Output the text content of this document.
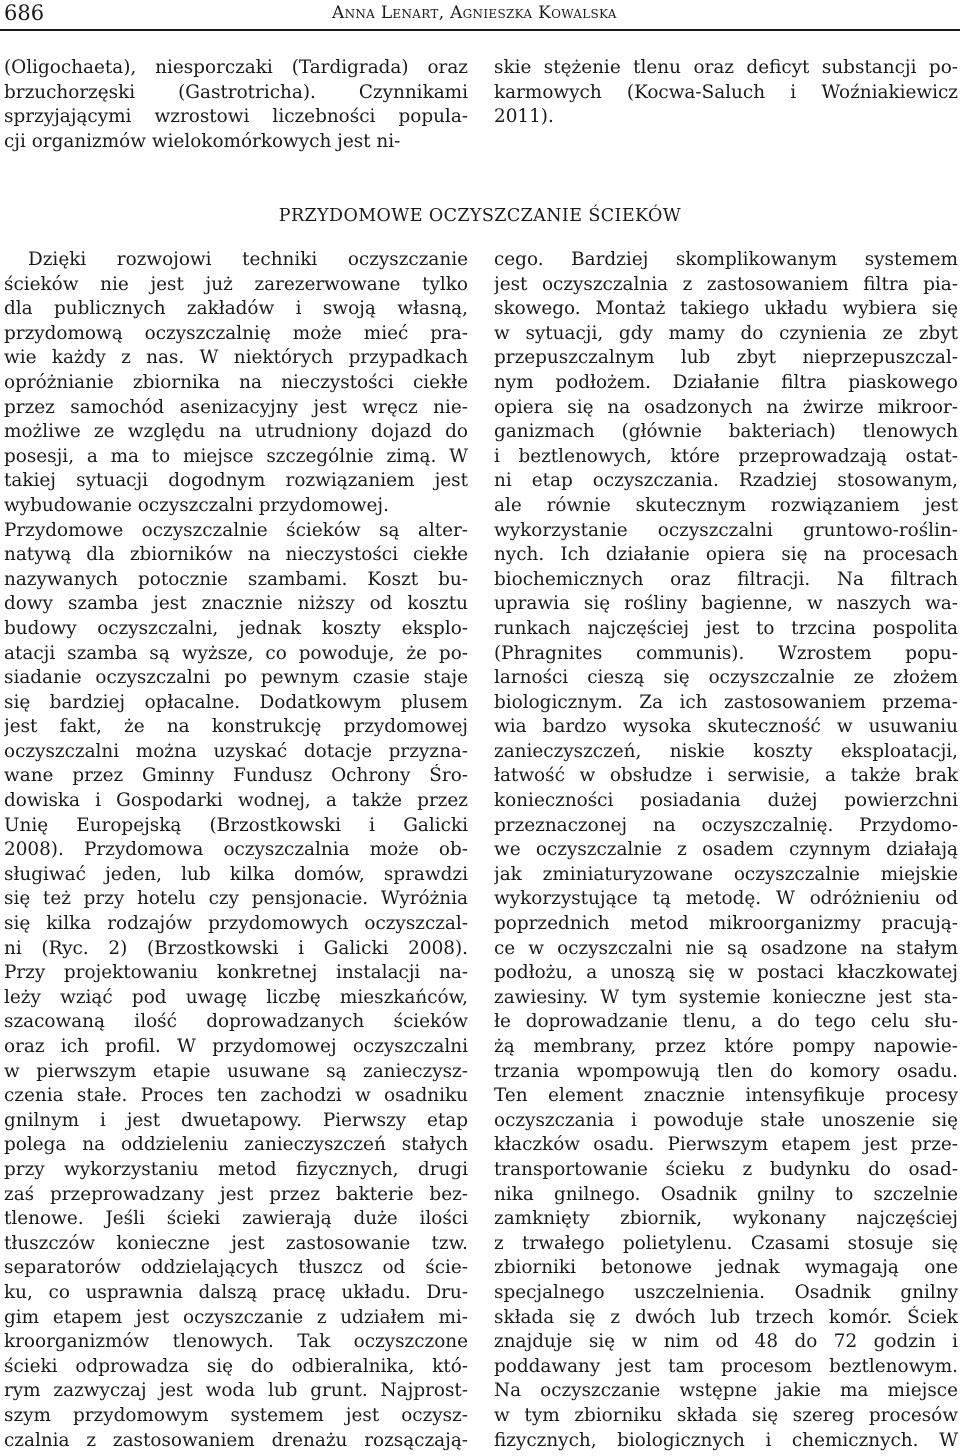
686	Anna Lenart, Agnieszka Kowalska
(Oligochaeta), niesporczaki (Tardigrada) oraz
brzuchorzęski (Gastrotricha). Czynnikami
sprzyjającymi wzrostowi liczebności popula-
cji organizmów wielokomórkowych jest ni-
skie stężenie tlenu oraz deficyt substancji po-
karmowych (Kocwa-Saluch i Woźniakiewicz
2011).
PRZYDOMOWE OCZYSZCZANIE ŚCIEKÓW
Dzięki rozwojowi techniki oczyszczanie
ścieków nie jest już zarezerwowane tylko
dla publicznych zakładów i swoją własną,
przydomową oczyszczalnię może mieć pra-
wie każdy z nas. W niektórych przypadkach
opróżnianie zbiornika na nieczystości ciekłe
przez samochód asenizacyjny jest wręcz nie-
możliwe ze względu na utrudniony dojazd do
posesji, a ma to miejsce szczególnie zimą. W
takiej sytuacji dogodnym rozwiązaniem jest
wybudowanie oczyszczalni przydomowej.
Przydomowe oczyszczalnie ścieków są alter-
natywą dla zbiorników na nieczystości ciekłe
nazywanych potocznie szambami. Koszt bu-
dowy szamba jest znacznie niższy od kosztu
budowy oczyszczalni, jednak koszty eksplo-
atacji szamba są wyższe, co powoduje, że po-
siadanie oczyszczalni po pewnym czasie staje
się bardziej opłacalne. Dodatkowym plusem
jest fakt, że na konstrukcję przydomowej
oczyszczalni można uzyskać dotacje przyzna-
wane przez Gminny Fundusz Ochrony Śro-
dowiska i Gospodarki wodnej, a także przez
Unię Europejską (Brzostkowski i Galicki
2008). Przydomowa oczyszczalnia może ob-
sługiwać jeden, lub kilka domów, sprawdzi
się też przy hotelu czy pensjonacie. Wyróżnia
się kilka rodzajów przydomowych oczyszczal-
ni (Ryc. 2) (Brzostkowski i Galicki 2008).
Przy projektowaniu konkretnej instalacji na-
leży wziąć pod uwagę liczbę mieszkańców,
szacowaną ilość doprowadzanych ścieków
oraz ich profil. W przydomowej oczyszczalni
w pierwszym etapie usuwane są zanieczysz-
czenia stałe. Proces ten zachodzi w osadniku
gnilnym i jest dwuetapowy. Pierwszy etap
polega na oddzieleniu zanieczyszczeń stałych
przy wykorzystaniu metod fizycznych, drugi
zaś przeprowadzany jest przez bakterie bez-
tlenowe. Jeśli ścieki zawierają duże ilości
tłuszczów konieczne jest zastosowanie tzw.
separatorów oddzielających tłuszcz od ście-
ku, co usprawnia dalszą pracę układu. Dru-
gim etapem jest oczyszczanie z udziałem mi-
kroorganizmów tlenowych. Tak oczyszczone
ścieki odprowadza się do odbieralnika, któ-
rym zazwyczaj jest woda lub grunt. Najprost-
szym przydomowym systemem jest oczysz-
czalnia z zastosowaniem drenażu rozsączają-
cego. Bardziej skomplikowanym systemem
jest oczyszczalnia z zastosowaniem filtra pia-
skowego. Montaż takiego układu wybiera się
w sytuacji, gdy mamy do czynienia ze zbyt
przepuszczalnym lub zbyt nieprzepuszczal-
nym podłożem. Działanie filtra piaskowego
opiera się na osadzonych na żwirze mikroor-
ganizmach (głównie bakteriach) tlenowych
i beztlenowych, które przeprowadzają ostat-
ni etap oczyszczania. Rzadziej stosowanym,
ale równie skutecznym rozwiązaniem jest
wykorzystanie oczyszczalni gruntowo-roślin-
nych. Ich działanie opiera się na procesach
biochemicznych oraz filtracji. Na filtrach
uprawia się rośliny bagienne, w naszych wa-
runkach najczęściej jest to trzcina pospolita
(Phragnites communis). Wzrostem popu-
larności cieszą się oczyszczalnie ze złożem
biologicznym. Za ich zastosowaniem przema-
wia bardzo wysoka skuteczność w usuwaniu
zanieczyszczeń, niskie koszty eksploatacji,
łatwość w obsłudze i serwisie, a także brak
konieczności posiadania dużej powierzchni
przeznaczonej na oczyszczalnię. Przydomo-
we oczyszczalnie z osadem czynnym działają
jak zminiaturyzowane oczyszczalnie miejskie
wykorzystujące tą metodę. W odróżnieniu od
poprzednich metod mikroorganizmy pracują-
ce w oczyszczalni nie są osadzone na stałym
podłożu, a unoszą się w postaci kłaczkowatej
zawiesiny. W tym systemie konieczne jest sta-
łe doprowadzanie tlenu, a do tego celu słu-
żą membrany, przez które pompy napowie-
trzania wpompowują tlen do komory osadu.
Ten element znacznie intensyfikuje procesy
oczyszczania i powoduje stałe unoszenie się
kłaczków osadu. Pierwszym etapem jest prze-
transportowanie ścieku z budynku do osad-
nika gnilnego. Osadnik gnilny to szczelnie
zamknięty zbiornik, wykonany najczęściej
z trwałego polietylenu. Czasami stosuje się
zbiorniki betonowe jednak wymagają one
specjalnego uszczelnienia. Osadnik gnilny
składa się z dwóch lub trzech komór. Ściek
znajduje się w nim od 48 do 72 godzin i
poddawany jest tam procesom beztlenowym.
Na oczyszczanie wstępne jakie ma miejsce
w tym zbiorniku składa się szereg procesów
fizycznych, biologicznych i chemicznych. W
